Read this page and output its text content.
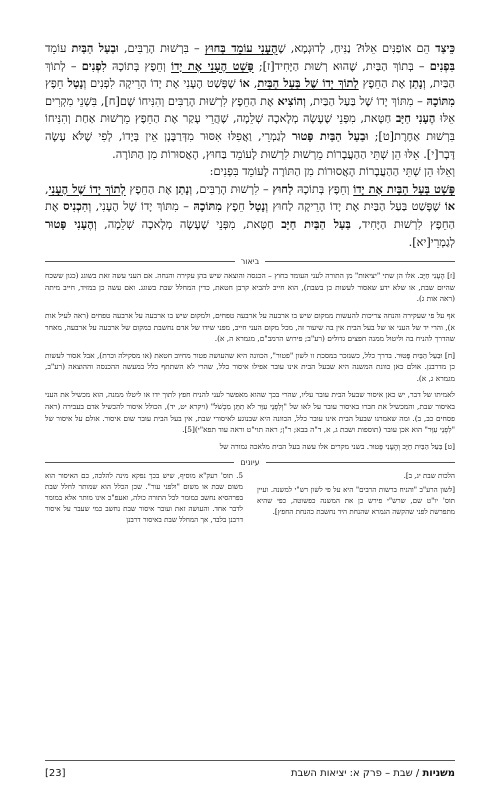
כֵּיצַד הֵם אוֹפַנִּים אֵלּוּ? נַנִּיחַ, לְדוּגְמָא, שֶׁהֶעָנִי עוֹמֵד בַּחוּץ – בִּרְשׁוּת הָרַבִּים, וּבַעַל הַבַּיִת עוֹמֵד בִּפְנִים – בְּתוֹךְ הַבַּיִת, שֶׁהוּא רְשׁוּת הַיָּחִיד[ז]; פָּשַׁט הֶעָנִי אֶת יָדוֹ וְחֵפֶץ בְּתוֹכָהּ לִפְנִים – לְתוֹךְ הַבַּיִת, וְנָתַן אֶת הַחֵפֶץ לְתוֹךְ יָדוֹ שֶׁל בַּעַל הַבַּיִת, אוֹ שֶׁפָּשַׁט הֶעָנִי אֶת יָדוֹ הָרֵיקָה לִפְנִים וְנָטַל חֵפֶץ מִתּוֹכָהּ – מִתּוֹךְ יָדוֹ שֶׁל בַּעַל הַבַּיִת, וְהוֹצִיא אֶת הַחֵפֶץ לִרְשׁוּת הָרַבִּים וְהִנִּיחוֹ שָׁם[ח], בִּשְׁנֵי מִקְרִים אֵלּוּ הֶעָנִי חַיָּב חַטָּאת, מִפְּנֵי שֶׁעָשָׂה מְלָאכָה שְׁלֵמָה, שֶׁהֲרֵי עָקַר אֶת הַחֵפֶץ מֵרְשׁוּת אַחַת וְהִנִּיחוֹ בִּרְשׁוּת אַחֶרֶת[ט]; וּבַעַל הַבַּיִת פָּטוּר לְגַמְרֵי, וַאֲפִלּוּ אִסּוּר מִדְּרַבָּנָן אֵין בְּיָדוֹ, לְפִי שֶׁלֹּא עָשָׂה דָּבָר[י]. אֵלּוּ הֵן שְׁתֵּי הַהַעֲבָרוֹת מֵרְשׁוּת לִרְשׁוּת לָעוֹמֵד בַּחוּץ, הָאֲסוּרוֹת מִן הַתּוֹרָה.

וְאֵלּוּ הֵן שְׁתֵּי הַהַעֲבָרוֹת הָאֲסוּרוֹת מִן הַתּוֹרָה לָעוֹמֵד בִּפְנִים:

פָּשַׁט בַּעַל הַבַּיִת אֶת יָדוֹ וְחֵפֶץ בְּתוֹכָהּ לַחוּץ – לִרְשׁוּת הָרַבִּים, וְנָתַן אֶת הַחֵפֶץ לְתוֹךְ יָדוֹ שֶׁל הֶעָנִי, אוֹ שֶׁפָּשַׁט בַּעַל הַבַּיִת אֶת יָדוֹ הָרֵיקָה לַחוּץ וְנָטַל חֵפֶץ מִתּוֹכָהּ – מִתּוֹךְ יָדוֹ שֶׁל הֶעָנִי, וְהִכְנִיס אֶת הַחֵפֶץ לִרְשׁוּת הַיָּחִיד, בַּעַל הַבַּיִת חַיָּב חַטָּאת, מִפְּנֵי שֶׁעָשָׂה מְלָאכָה שְׁלֵמָה, וְהֶעָנִי פָּטוּר לְגַמְרֵי[יא].

ביאור

[ז] הֶעָנִי חַיָּב. אלו הן שתי "יציאות" מן התורה לעני העומד בחוץ – הכנסה והוצאה שיש בהן עקירה והנחה. אם העני עשה זאת בשוגג (כגון ששכח שהיום שבת, או שלא ידע שאסור לעשות כן בשבת), הוא חייב להביא קרבן חטאת, כדין המחלל שבת בשוגג. ואם עשה כן במזיד, חייב מיתה (ראה אות ג).

אף על פי שעקירה והנחה צריכות להעשות ממקום שיש בו ארבעה על ארבעה טפחים, ולמקום שיש בו ארבעה על ארבעה טפחים (ראה לעיל אות א), והרי יד של העני או של בעל הבית אין בה שיעור זה, מכל מקום העני חייב, מפני שידו של אדם נחשבת כמקום של ארבעה על ארבעה, מאחר שהדרך להניח בה וליטול ממנה חפצים גדולים (רע"ב; פירוש הרמב"ם, מגמרא ה, א).

[ח] וּבַעַל הַבַּיִת פָּטוּר. בדרך כלל, כשנזכר במסכת זו לשון "פטור", הכוונה היא שהעושה פטור מחיוב חטאת (או מסקילה וכרת), אבל אסור לעשות כן מדרבנן. אולם כאן כוונת המשנה היא שבעל הבית אינו עובר אפילו איסור כלל, שהרי לא השתתף כלל במעשה ההכנסה וההוצאה (רע"ב, מגמרא ג, א).

לאמיתו של דבר, יש כאן איסור שבעל הבית עובר עליו, שהרי בכך שהוא מאפשר לעני להניח חפץ לתוך ידו או ליטלו ממנה, הוא מכשיל את העני באיסור שבת, והמכשיל את חברו באיסור עובר על לאו של "וְלִפְנֵי עִוֵּר לֹא תִתֵּן מִכְשֹׁל" (ויקרא יט, יד), הכולל איסור להכשיל אדם בעבירה (ראה פסחים כב, ב). ומה שאמרנו שבעל הבית אינו עובר כלל, הכוונה היא שבנוגע לאיסורי שבת, אין בעל הבית עובר שום איסור. אולם על איסור של "לִפְנֵי עִוֵּר" הוא אכן עובר (תוספות ושבת ג, א, ד"ה בבא; ר"ן; ראה תוי"ט וראה עוד תפא"י)[5].

[ט] בַּעַל הַבַּיִת חַיָּב וְהֶעָנִי פָּטוּר. בשני מקרים אלו עשה בעל הבית מלאכה גמורה של

עיונים

הלכות שבת יג, ב].

[לשון הרע"ב "והניח ברשות הרבים" היא על פי לשון רש"י למשנה. ועיין תוס' יו"ט שם, שרש"י פירש כן את המשנה כפשוטה, כפי שהיא מתפרשת לפני שהקשה הגמרא שהנחת היד נחשבת כהנחת החפץ].

5. תוס' רעק"א מוסיף, שיש בכך נפקא מינה להלכה, כם האיסור הוא משום שבת או משום "ולפני עור". שכן הכלל הוא שמותר לחלל שבת בפרהסיא נחשב כמומר לכל התורה כולה, ואעפ"כ אינו מותר אלא במומר לדבר אחד. והעושה זאת ועובר איסור שבת נחשב כמי שעבר על איסור דרבנן בלבד, אך המחלל שבת באיסור דרבנן

משניות / שבת – פרק א: יציאות השבת
[23]
